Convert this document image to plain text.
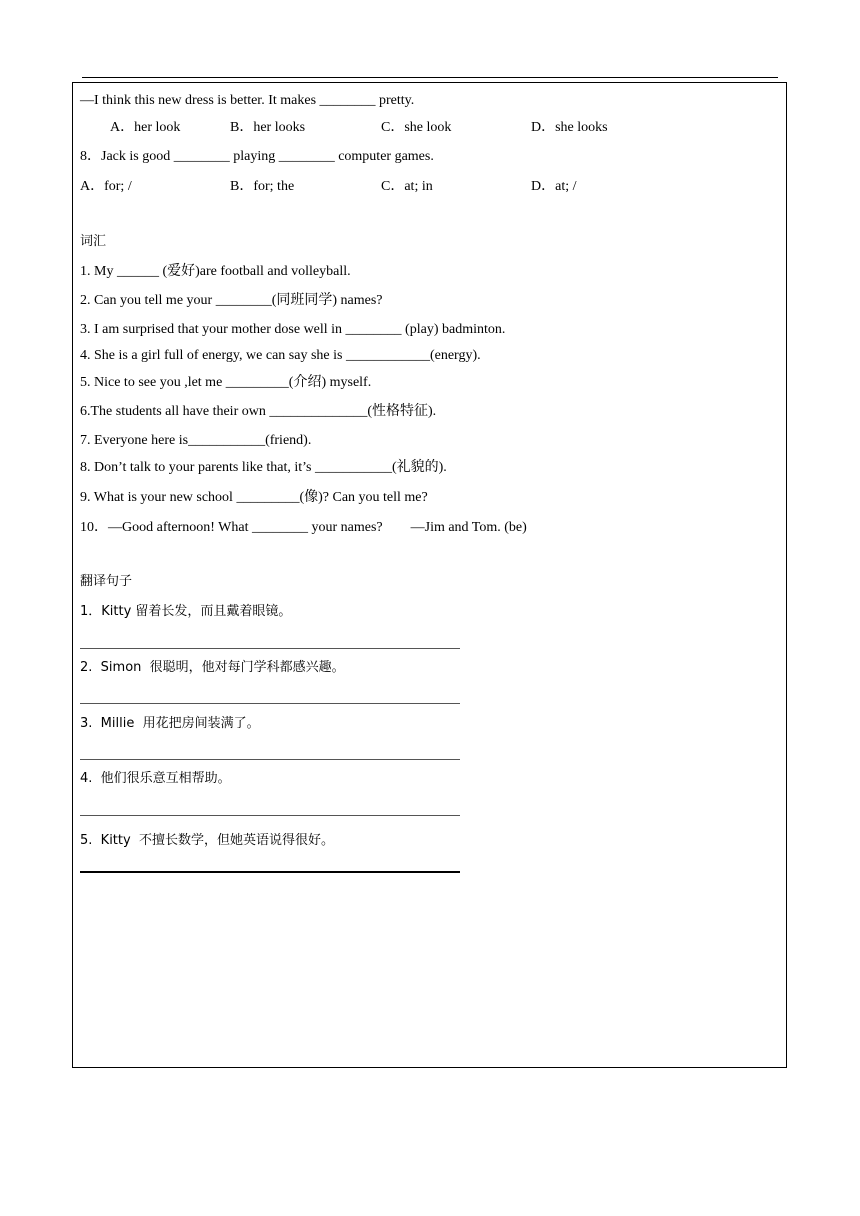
—I think this new dress is better. It makes ________ pretty.
A．her look	B．her looks	C．she look	D．she looks
8．Jack is good ________ playing ________ computer games.
A．for; /	B．for; the	C．at; in	D．at; /
词汇
1. My ______ (爱好)are football and volleyball.
2. Can you tell me your ________(同班同学) names?
3. I am surprised that your mother dose well in ________ (play) badminton.
4. She is a girl full of energy, we can say she is ____________(energy).
5. Nice to see you ,let me _________(介绍) myself.
6.The students all have their own ______________(性格特征).
7. Everyone here is___________(friend).
8. Don’t talk to your parents like that, it’s ___________(礼貌的).
9. What is your new school _________(像)? Can you tell me?
10．—Good afternoon! What ________ your names?        —Jim and Tom. (be)
翻译句子
1．Kitty 留着长发，而且戴着眼镜。
2.  Simon  很聪明，他对每门学科都感兴趣。
3.  Millie  用花把房间装满了。
4.  他们很乐意互相帮助。
5.  Kitty  不擅长数学，但她英语说得很好。
